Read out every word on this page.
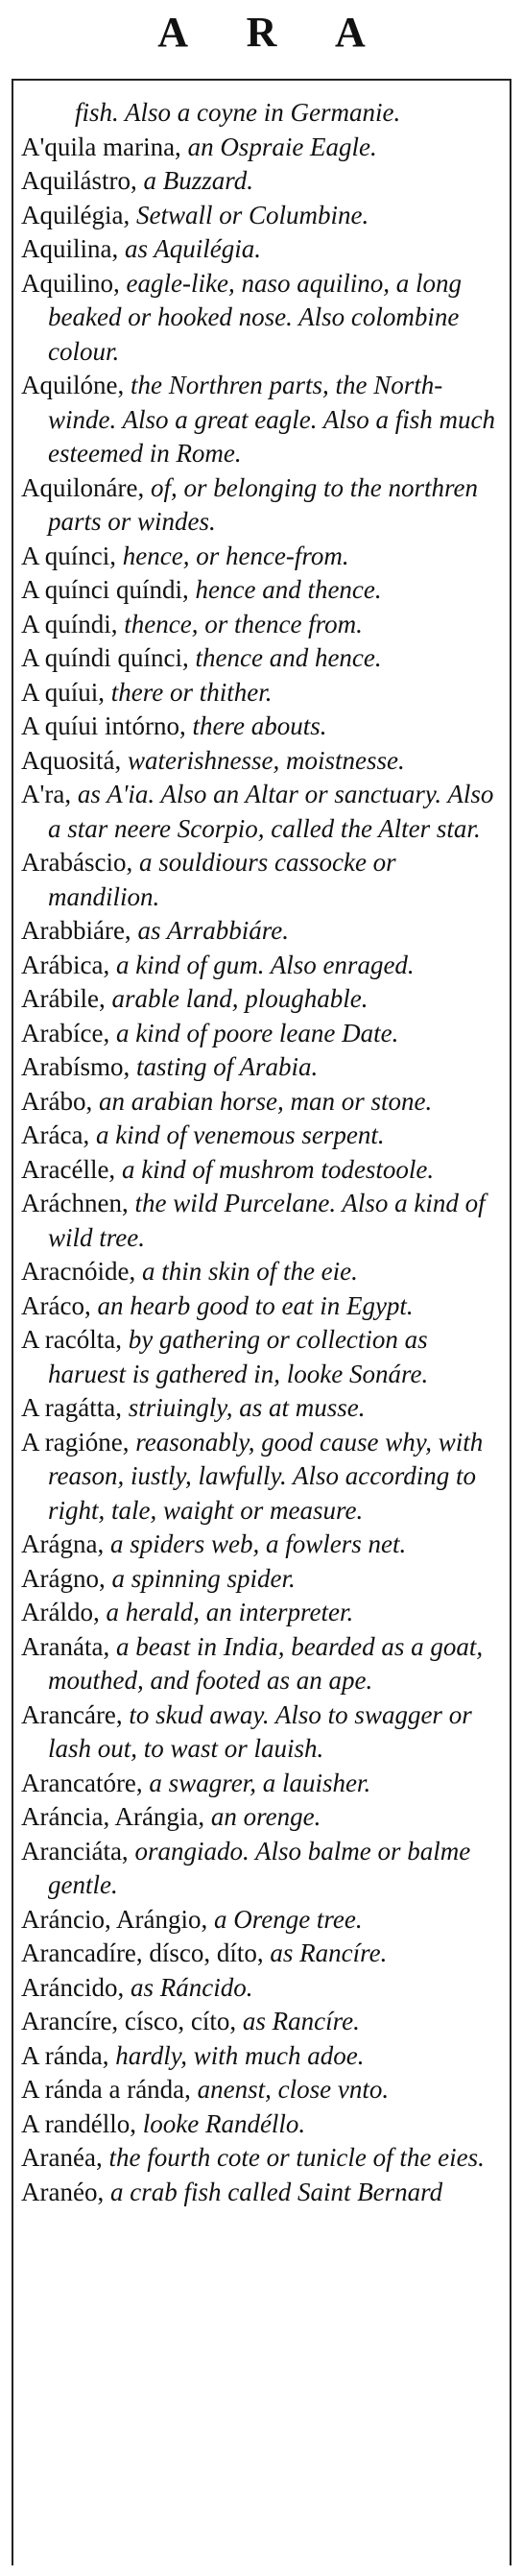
A R A

fish. Also a coyne in Germanie.

A'quila marina, an Ospraie Eagle.

Aquilástro, a Buzzard.

Aquilégia, Setwall or Columbine.

Aquilina, as Aquilégia.

Aquilino, eagle-like, naso aquilino, a long beaked or hooked nose. Also colombine colour.

Aquilóne, the Northren parts, the North-winde. Also a great eagle. Also a fish much esteemed in Rome.

Aquilonáre, of, or belonging to the northren parts or windes.

A quínci, hence, or hence-from.

A quínci quíndi, hence and thence.

A quíndi, thence, or thence from.

A quíndi quínci, thence and hence.

A quíui, there or thither.

A quíui intórno, there abouts.

Aquositá, waterishnesse, moistnesse.

A'ra, as A'ia. Also an Altar or sanctuary. Also a star neere Scorpio, called the Alter star.

Arabáscio, a souldiours cassocke or mandilion.

Arabbiáre, as Arrabbiáre.

Arábica, a kind of gum. Also enraged.

Arábile, arable land, ploughable.

Arabíce, a kind of poore leane Date.

Arabísmo, tasting of Arabia.

Arábo, an arabian horse, man or stone.

Aráca, a kind of venemous serpent.

Aracélle, a kind of mushrom todestoole.

Aráchnen, the wild Purcelane. Also a kind of wild tree.

Aracnóide, a thin skin of the eie.

Aráco, an hearb good to eat in Egypt.

A racólta, by gathering or collection as haruest is gathered in, looke Sonáre.

A ragátta, striuingly, as at musse.

A ragióne, reasonably, good cause why, with reason, iustly, lawfully. Also according to right, tale, waight or measure.

Arágna, a spiders web, a fowlers net.

Arágno, a spinning spider.

Aráldo, a herald, an interpreter.

Aranáta, a beast in India, bearded as a goat, mouthed, and footed as an ape.

Arancáre, to skud away. Also to swagger or lash out, to wast or lauish.

Arancatóre, a swagrer, a lauisher.

Aráncia, Arángia, an orenge.

Aranciáta, orangiado. Also balme or balme gentle.

Aráncio, Arángio, a Orenge tree.

Arancadíre, dísco, díto, as Rancíre.

Aráncido, as Ráncido.

Arancíre, císco, cíto, as Rancíre.

A ránda, hardly, with much adoe.

A ránda a ránda, anenst, close vnto.

A randéllo, looke Randéllo.

Aranéa, the fourth cote or tunicle of the eies.

Aranéo, a crab fish called Saint Bernard
